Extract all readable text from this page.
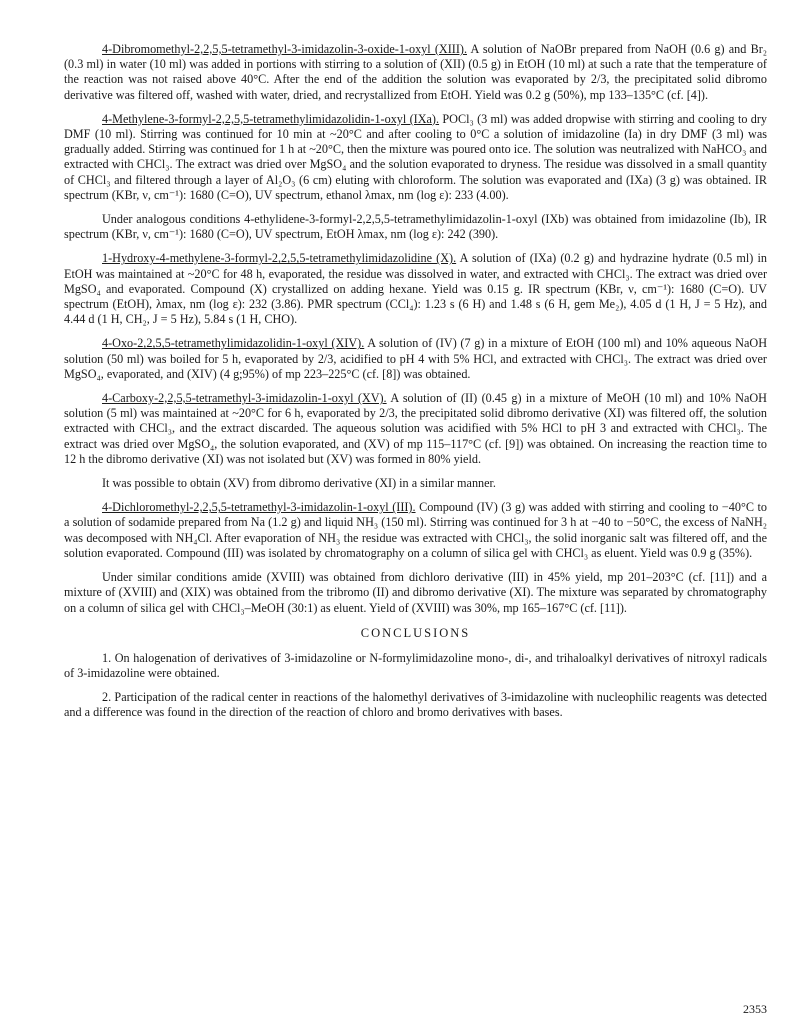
4-Dibromomethyl-2,2,5,5-tetramethyl-3-imidazolin-3-oxide-1-oxyl (XIII). A solution of NaOBr prepared from NaOH (0.6 g) and Br₂ (0.3 ml) in water (10 ml) was added in portions with stirring to a solution of (XII) (0.5 g) in EtOH (10 ml) at such a rate that the temperature of the reaction was not raised above 40°C. After the end of the addition the solution was evaporated by 2/3, the precipitated solid dibromo derivative was filtered off, washed with water, dried, and recrystallized from EtOH. Yield was 0.2 g (50%), mp 133–135°C (cf. [4]).

4-Methylene-3-formyl-2,2,5,5-tetramethylimidazolidin-1-oxyl (IXa). POCl₃ (3 ml) was added dropwise with stirring and cooling to dry DMF (10 ml). Stirring was continued for 10 min at ~20°C and after cooling to 0°C a solution of imidazoline (Ia) in dry DMF (3 ml) was gradually added. Stirring was continued for 1 h at ~20°C, then the mixture was poured onto ice. The solution was neutralized with NaHCO₃ and extracted with CHCl₃. The extract was dried over MgSO₄ and the solution evaporated to dryness. The residue was dissolved in a small quantity of CHCl₃ and filtered through a layer of Al₂O₃ (6 cm) eluting with chloroform. The solution was evaporated and (IXa) (3 g) was obtained. IR spectrum (KBr, ν, cm⁻¹): 1680 (C=O), UV spectrum, ethanol λmax, nm (log ε): 233 (4.00).

Under analogous conditions 4-ethylidene-3-formyl-2,2,5,5-tetramethylimidazolin-1-oxyl (IXb) was obtained from imidazoline (Ib), IR spectrum (KBr, ν, cm⁻¹): 1680 (C=O), UV spectrum, EtOH λmax, nm (log ε): 242 (390).

1-Hydroxy-4-methylene-3-formyl-2,2,5,5-tetramethylimidazolidine (X). A solution of (IXa) (0.2 g) and hydrazine hydrate (0.5 ml) in EtOH was maintained at ~20°C for 48 h, evaporated, the residue was dissolved in water, and extracted with CHCl₃. The extract was dried over MgSO₄ and evaporated. Compound (X) crystallized on adding hexane. Yield was 0.15 g. IR spectrum (KBr, ν, cm⁻¹): 1680 (C=O). UV spectrum (EtOH), λmax, nm (log ε): 232 (3.86). PMR spectrum (CCl₄): 1.23 s (6 H) and 1.48 s (6 H, gem Me₂), 4.05 d (1 H, J = 5 Hz), and 4.44 d (1 H, CH₂, J = 5 Hz), 5.84 s (1 H, CHO).

4-Oxo-2,2,5,5-tetramethylimidazolidin-1-oxyl (XIV). A solution of (IV) (7 g) in a mixture of EtOH (100 ml) and 10% aqueous NaOH solution (50 ml) was boiled for 5 h, evaporated by 2/3, acidified to pH 4 with 5% HCl, and extracted with CHCl₃. The extract was dried over MgSO₄, evaporated, and (XIV) (4 g;95%) of mp 223–225°C (cf. [8]) was obtained.

4-Carboxy-2,2,5,5-tetramethyl-3-imidazolin-1-oxyl (XV). A solution of (II) (0.45 g) in a mixture of MeOH (10 ml) and 10% NaOH solution (5 ml) was maintained at ~20°C for 6 h, evaporated by 2/3, the precipitated solid dibromo derivative (XI) was filtered off, the solution extracted with CHCl₃, and the extract discarded. The aqueous solution was acidified with 5% HCl to pH 3 and extracted with CHCl₃. The extract was dried over MgSO₄, the solution evaporated, and (XV) of mp 115–117°C (cf. [9]) was obtained. On increasing the reaction time to 12 h the dibromo derivative (XI) was not isolated but (XV) was formed in 80% yield.

It was possible to obtain (XV) from dibromo derivative (XI) in a similar manner.

4-Dichloromethyl-2,2,5,5-tetramethyl-3-imidazolin-1-oxyl (III). Compound (IV) (3 g) was added with stirring and cooling to −40°C to a solution of sodamide prepared from Na (1.2 g) and liquid NH₃ (150 ml). Stirring was continued for 3 h at −40 to −50°C, the excess of NaNH₂ was decomposed with NH₄Cl. After evaporation of NH₃ the residue was extracted with CHCl₃, the solid inorganic salt was filtered off, and the solution evaporated. Compound (III) was isolated by chromatography on a column of silica gel with CHCl₃ as eluent. Yield was 0.9 g (35%).

Under similar conditions amide (XVIII) was obtained from dichloro derivative (III) in 45% yield, mp 201–203°C (cf. [11]) and a mixture of (XVIII) and (XIX) was obtained from the tribromo (II) and dibromo derivative (XI). The mixture was separated by chromatography on a column of silica gel with CHCl₃–MeOH (30:1) as eluent. Yield of (XVIII) was 30%, mp 165–167°C (cf. [11]).

CONCLUSIONS

1. On halogenation of derivatives of 3-imidazoline or N-formylimidazoline mono-, di-, and trihaloalkyl derivatives of nitroxyl radicals of 3-imidazoline were obtained.

2. Participation of the radical center in reactions of the halomethyl derivatives of 3-imidazoline with nucleophilic reagents was detected and a difference was found in the direction of the reaction of chloro and bromo derivatives with bases.

2353
